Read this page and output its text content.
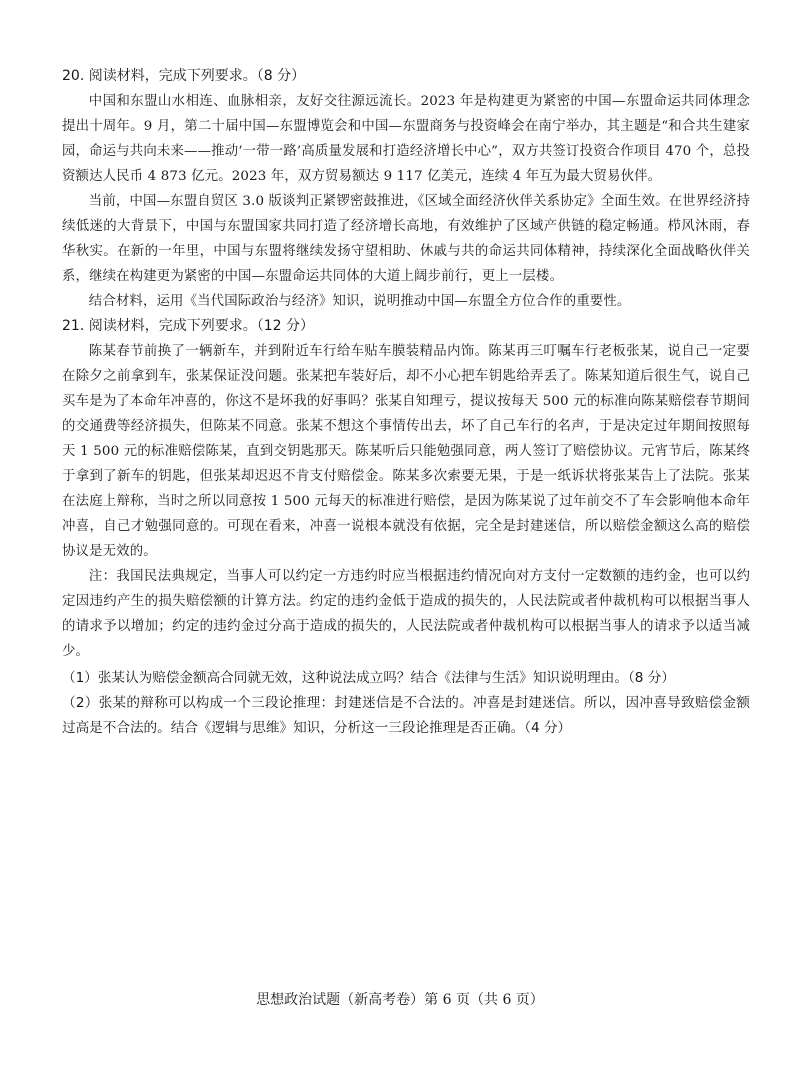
20. 阅读材料，完成下列要求。（8 分）

中国和东盟山水相连、血脉相亲，友好交往源远流长。2023 年是构建更为紧密的中国—东盟命运共同体理念提出十周年。9 月，第二十届中国—东盟博览会和中国—东盟商务与投资峰会在南宁举办，其主题是“和合共生建家园，命运与共向未来——推动‘一带一路’高质量发展和打造经济增长中心”，双方共签订投资合作项目 470 个，总投资额达人民币 4 873 亿元。2023 年，双方贸易额达 9 117 亿美元，连续 4 年互为最大贸易伙伴。

当前，中国—东盟自贸区 3.0 版谈判正紧锣密鼓推进，《区域全面经济伙伴关系协定》全面生效。在世界经济持续低迷的大背景下，中国与东盟国家共同打造了经济增长高地，有效维护了区域产供链的稳定畅通。栉风沐雨，春华秋实。在新的一年里，中国与东盟将继续发扬守望相助、休戚与共的命运共同体精神，持续深化全面战略伙伴关系，继续在构建更为紧密的中国—东盟命运共同体的大道上阔步前行，更上一层楼。

结合材料，运用《当代国际政治与经济》知识，说明推动中国—东盟全方位合作的重要性。

21. 阅读材料，完成下列要求。（12 分）

陈某春节前换了一辆新车，并到附近车行给车贴车膜装精品内饰。陈某再三叮嘱车行老板张某，说自己一定要在除夕之前拿到车，张某保证没问题。张某把车装好后，却不小心把车钥匙给弄丢了。陈某知道后很生气，说自己买车是为了本命年冲喜的，你这不是坏我的好事吗？张某自知理亏，提议按每天 500 元的标准向陈某赔偿春节期间的交通费等经济损失，但陈某不同意。张某不想这个事情传出去，坏了自己车行的名声，于是决定过年期间按照每天 1 500 元的标准赔偿陈某，直到交钥匙那天。陈某听后只能勉强同意，两人签订了赔偿协议。元宵节后，陈某终于拿到了新车的钥匙，但张某却迟迟不肯支付赔偿金。陈某多次索要无果，于是一纸诉状将张某告上了法院。张某在法庭上辩称，当时之所以同意按 1 500 元每天的标准进行赔偿，是因为陈某说了过年前交不了车会影响他本命年冲喜，自己才勉强同意的。可现在看来，冲喜一说根本就没有依据，完全是封建迷信，所以赔偿金额这么高的赔偿协议是无效的。

注：我国民法典规定，当事人可以约定一方违约时应当根据违约情况向对方支付一定数额的违约金，也可以约定因违约产生的损失赔偿额的计算方法。约定的违约金低于造成的损失的，人民法院或者仲裁机构可以根据当事人的请求予以增加；约定的违约金过分高于造成的损失的，人民法院或者仲裁机构可以根据当事人的请求予以适当减少。

（1）张某认为赔偿金额高合同就无效，这种说法成立吗？结合《法律与生活》知识说明理由。（8 分）

（2）张某的辩称可以构成一个三段论推理：封建迷信是不合法的。冲喜是封建迷信。所以，因冲喜导致赔偿金额过高是不合法的。结合《逻辑与思维》知识，分析这一三段论推理是否正确。（4 分）

思想政治试题（新高考卷）第 6 页（共 6 页）
